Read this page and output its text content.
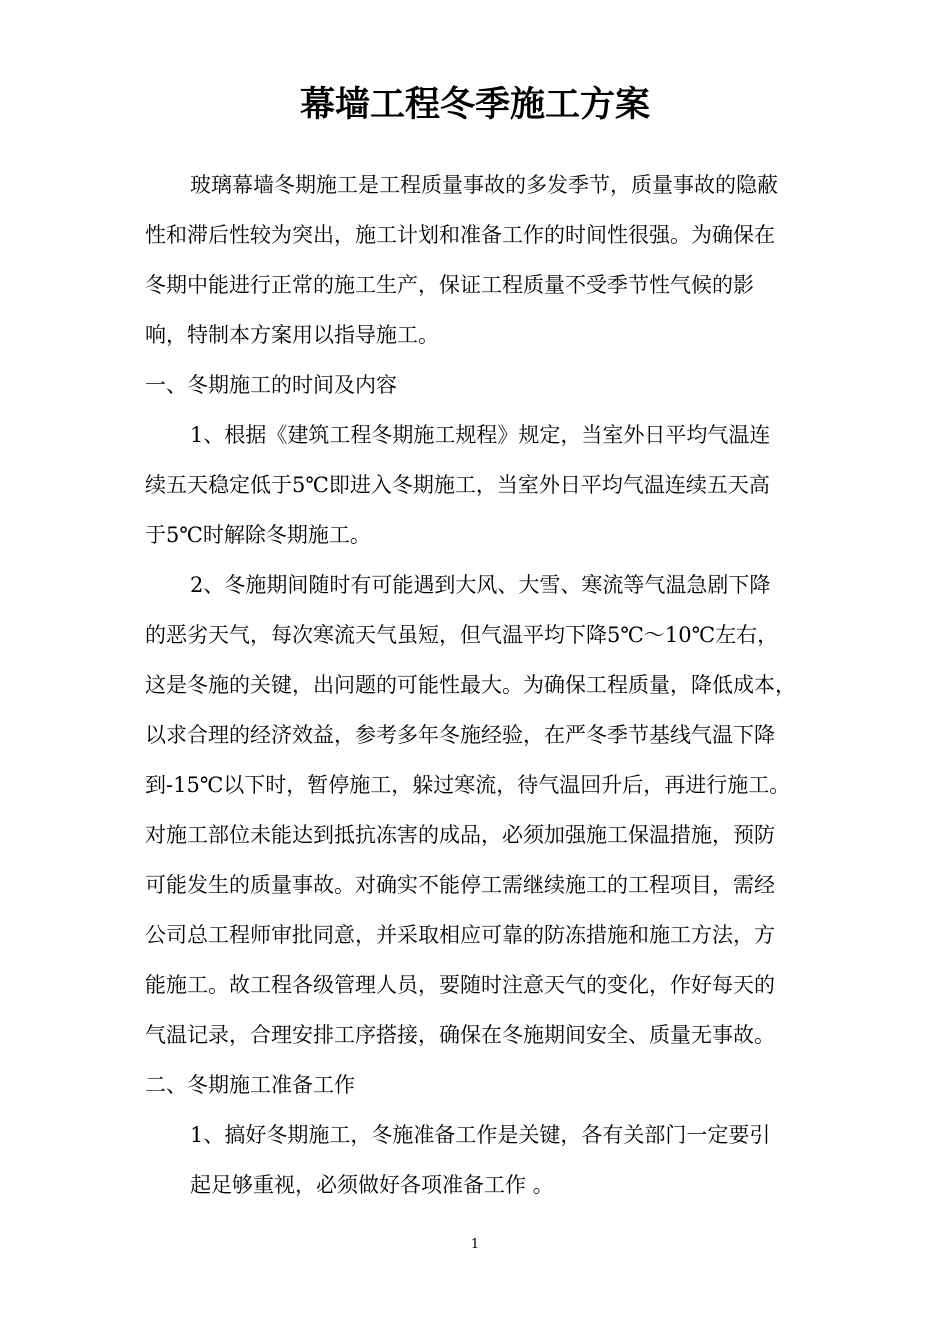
幕墙工程冬季施工方案
玻璃幕墙冬期施工是工程质量事故的多发季节，质量事故的隐蔽
性和滞后性较为突出，施工计划和准备工作的时间性很强。为确保在
冬期中能进行正常的施工生产，保证工程质量不受季节性气候的影
响，特制本方案用以指导施工。
一、冬期施工的时间及内容
1、根据《建筑工程冬期施工规程》规定，当室外日平均气温连
续五天稳定低于5℃即进入冬期施工，当室外日平均气温连续五天高
于5℃时解除冬期施工。
2、冬施期间随时有可能遇到大风、大雪、寒流等气温急剧下降
的恶劣天气，每次寒流天气虽短，但气温平均下降5℃～10℃左右，
这是冬施的关键，出问题的可能性最大。为确保工程质量，降低成本，
以求合理的经济效益，参考多年冬施经验，在严冬季节基线气温下降
到-15℃以下时，暂停施工，躲过寒流，待气温回升后，再进行施工。
对施工部位未能达到抵抗冻害的成品，必须加强施工保温措施，预防
可能发生的质量事故。对确实不能停工需继续施工的工程项目，需经
公司总工程师审批同意，并采取相应可靠的防冻措施和施工方法，方
能施工。故工程各级管理人员，要随时注意天气的变化，作好每天的
气温记录，合理安排工序搭接，确保在冬施期间安全、质量无事故。
二、冬期施工准备工作
1、搞好冬期施工，冬施准备工作是关键，各有关部门一定要引
起足够重视，必须做好各项准备工作 。
1
